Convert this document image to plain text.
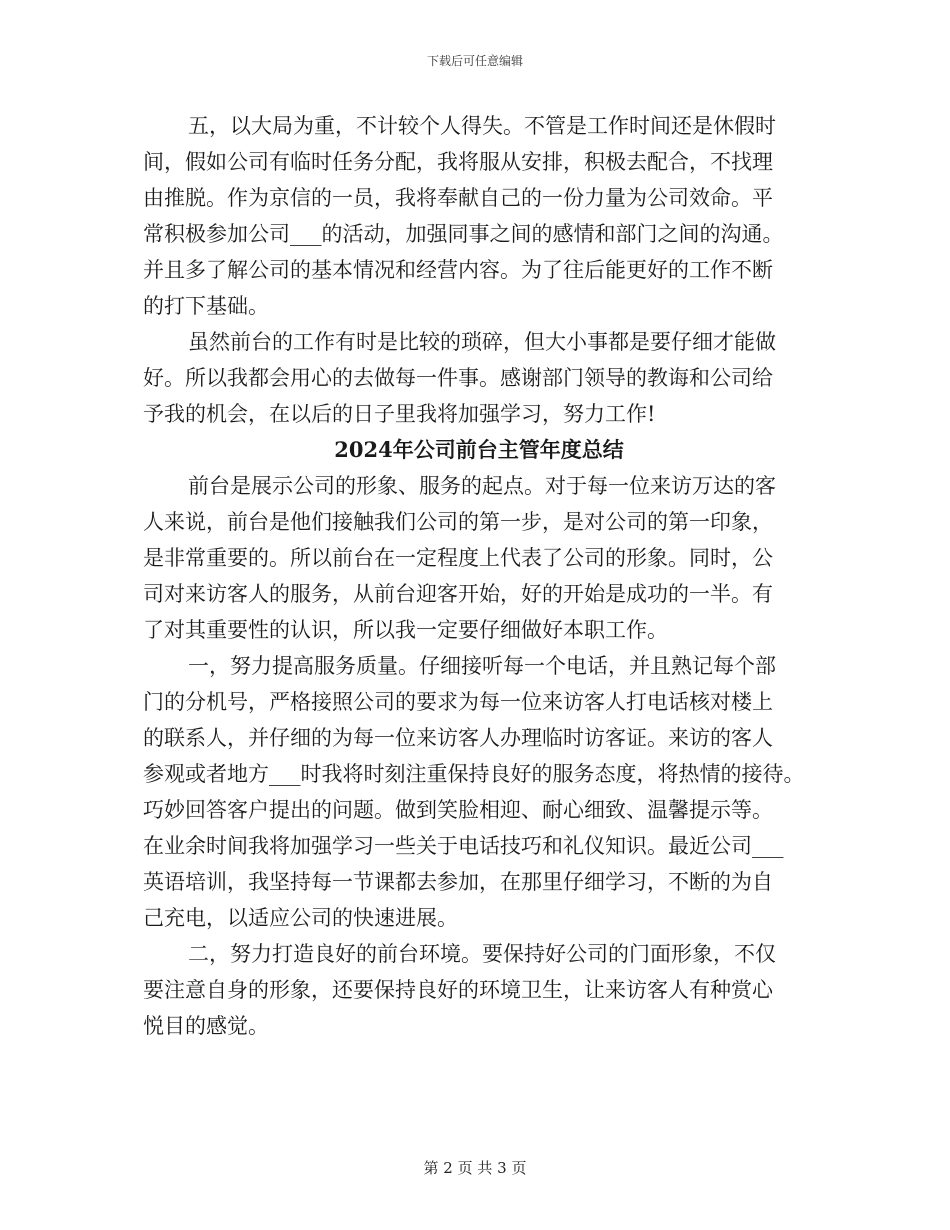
下载后可任意编辑
五，以大局为重，不计较个人得失。不管是工作时间还是休假时
间，假如公司有临时任务分配，我将服从安排，积极去配合，不找理
由推脱。作为京信的一员，我将奉献自己的一份力量为公司效命。平
常积极参加公司___的活动，加强同事之间的感情和部门之间的沟通。
并且多了解公司的基本情况和经营内容。为了往后能更好的工作不断
的打下基础。
虽然前台的工作有时是比较的琐碎，但大小事都是要仔细才能做
好。所以我都会用心的去做每一件事。感谢部门领导的教诲和公司给
予我的机会，在以后的日子里我将加强学习，努力工作!
2024年公司前台主管年度总结
前台是展示公司的形象、服务的起点。对于每一位来访万达的客
人来说，前台是他们接触我们公司的第一步，是对公司的第一印象，
是非常重要的。所以前台在一定程度上代表了公司的形象。同时，公
司对来访客人的服务，从前台迎客开始，好的开始是成功的一半。有
了对其重要性的认识，所以我一定要仔细做好本职工作。
一，努力提高服务质量。仔细接听每一个电话，并且熟记每个部
门的分机号，严格接照公司的要求为每一位来访客人打电话核对楼上
的联系人，并仔细的为每一位来访客人办理临时访客证。来访的客人
参观或者地方___时我将时刻注重保持良好的服务态度，将热情的接待。
巧妙回答客户提出的问题。做到笑脸相迎、耐心细致、温馨提示等。
在业余时间我将加强学习一些关于电话技巧和礼仪知识。最近公司___
英语培训，我坚持每一节课都去参加，在那里仔细学习，不断的为自
己充电，以适应公司的快速进展。
二，努力打造良好的前台环境。要保持好公司的门面形象，不仅
要注意自身的形象，还要保持良好的环境卫生，让来访客人有种赏心
悦目的感觉。
第 2 页 共 3 页
